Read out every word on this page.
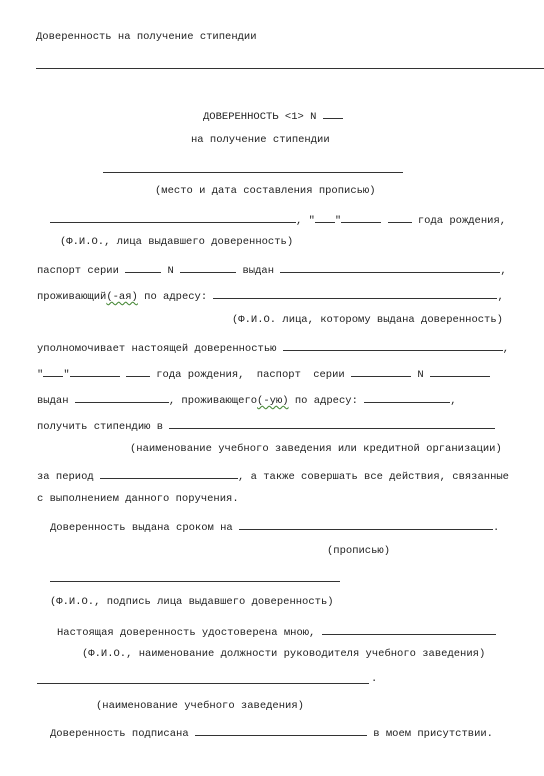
Доверенность на получение стипендии
ДОВЕРЕННОСТЬ <1> N
на получение стипендии
(место и дата составления прописью)
, " "	года рождения,
(Ф.И.О., лица выдавшего доверенность)
паспорт серии	N	выдан	,
проживающий(-ая) по адресу:	,
(Ф.И.О. лица, которому выдана доверенность)
уполномочивает настоящей доверенностью	,
" "	года рождения, паспорт серии	N
выдан	, проживающего(-ую) по адресу:	,
получить стипендию в
(наименование учебного заведения или кредитной организации)
за период	, а также совершать все действия, связанные
с выполнением данного поручения.
Доверенность выдана сроком на	.
(прописью)
(Ф.И.О., подпись лица выдавшего доверенность)
Настоящая доверенность удостоверена мною,
(Ф.И.О., наименование должности руководителя учебного заведения)
.
(наименование учебного заведения)
Доверенность подписана	в моем присутствии.
